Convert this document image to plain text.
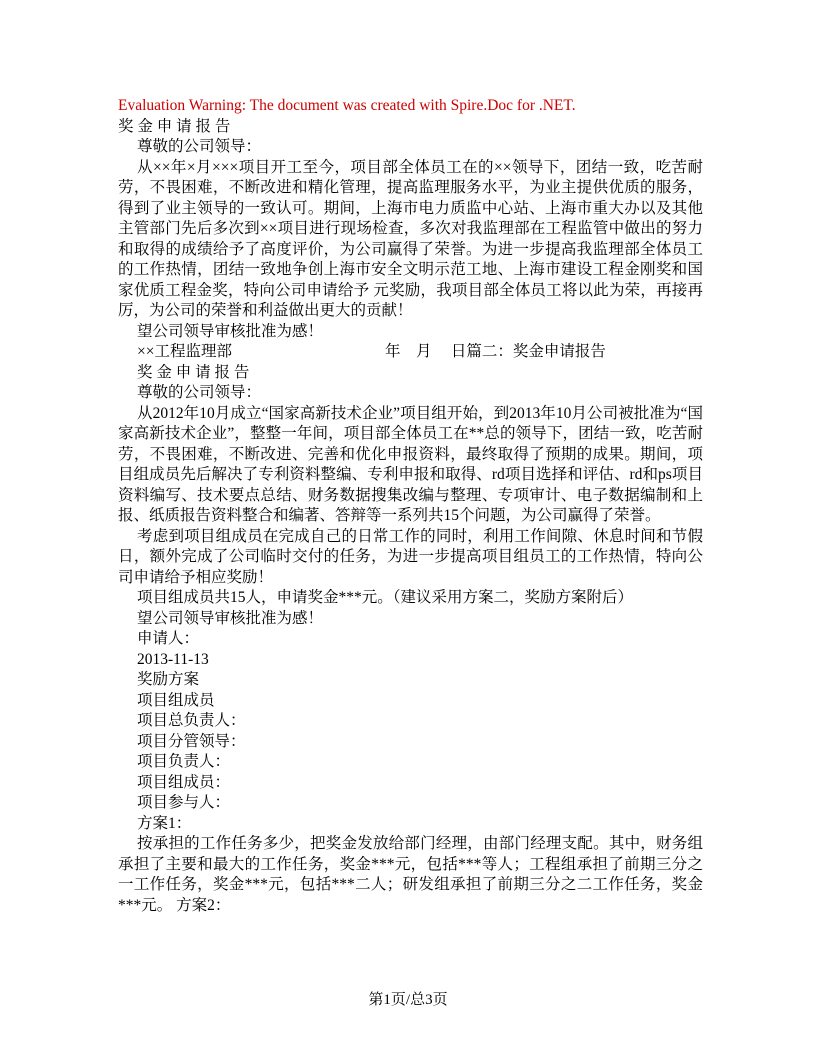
Evaluation Warning: The document was created with Spire.Doc for .NET.

奖 金 申 请 报 告

尊敬的公司领导：

从××年×月×××项目开工至今，项目部全体员工在的××领导下，团结一致，吃苦耐劳，不畏困难，不断改进和精化管理，提高监理服务水平，为业主提供优质的服务，得到了业主领导的一致认可。期间，上海市电力质监中心站、上海市重大办以及其他主管部门先后多次到××项目进行现场检查，多次对我监理部在工程监管中做出的努力和取得的成绩给予了高度评价，为公司赢得了荣誉。为进一步提高我监理部全体员工的工作热情，团结一致地争创上海市安全文明示范工地、上海市建设工程金刚奖和国家优质工程金奖，特向公司申请给予 元奖励，我项目部全体员工将以此为荣，再接再厉，为公司的荣誉和利益做出更大的贡献！

望公司领导审核批准为感！

××工程监理部	年　月　 日篇二：奖金申请报告

奖 金 申 请 报 告

尊敬的公司领导：

从2012年10月成立“国家高新技术企业”项目组开始，到2013年10月公司被批准为“国家高新技术企业”，整整一年间，项目部全体员工在**总的领导下，团结一致，吃苦耐劳，不畏困难，不断改进、完善和优化申报资料，最终取得了预期的成果。期间，项目组成员先后解决了专利资料整编、专利申报和取得、rd项目选择和评估、rd和ps项目资料编写、技术要点总结、财务数据搜集改编与整理、专项审计、电子数据编制和上报、纸质报告资料整合和编著、答辩等一系列共15个问题，为公司赢得了荣誉。

考虑到项目组成员在完成自己的日常工作的同时，利用工作间隙、休息时间和节假日，额外完成了公司临时交付的任务，为进一步提高项目组员工的工作热情，特向公司申请给予相应奖励！

项目组成员共15人，申请奖金***元。（建议采用方案二，奖励方案附后）

望公司领导审核批准为感！

申请人：

2013-11-13

奖励方案

项目组成员

项目总负责人：

项目分管领导：

项目负责人：

项目组成员：

项目参与人：

方案1：

按承担的工作任务多少，把奖金发放给部门经理，由部门经理支配。其中，财务组承担了主要和最大的工作任务，奖金***元，包括***等人；工程组承担了前期三分之一工作任务，奖金***元，包括***二人；研发组承担了前期三分之二工作任务，奖金***元。 方案2：

第1页/总3页
